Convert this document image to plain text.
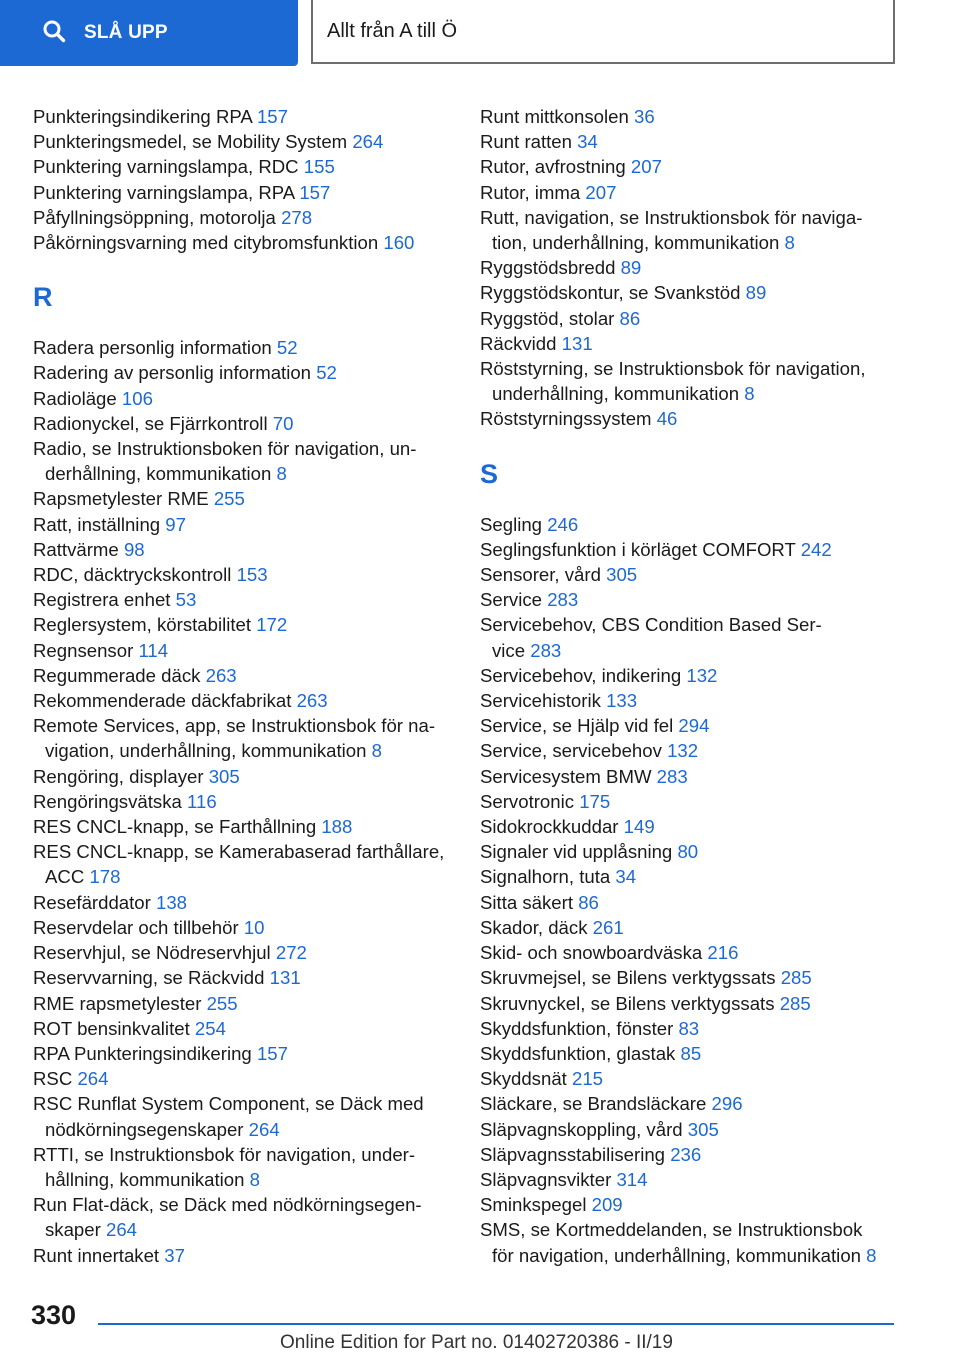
SLÅ UPP	Allt från A till Ö
Punkteringsindikering RPA 157
Punkteringsmedel, se Mobility System 264
Punktering varningslampa, RDC 155
Punktering varningslampa, RPA 157
Påfyllningsöppning, motorolja 278
Påkörningsvarning med citybromsfunktion 160
R
Radera personlig information 52
Radering av personlig information 52
Radioläge 106
Radionyckel, se Fjärrkontroll 70
Radio, se Instruktionsboken för navigation, un-
derhållning, kommunikation 8
Rapsmetylester RME 255
Ratt, inställning 97
Rattvärme 98
RDC, däcktryckskontroll 153
Registrera enhet 53
Reglersystem, körstabilitet 172
Regnsensor 114
Regummerade däck 263
Rekommenderade däckfabrikat 263
Remote Services, app, se Instruktionsbok för na-
vigation, underhållning, kommunikation 8
Rengöring, displayer 305
Rengöringsvätska 116
RES CNCL-knapp, se Farthållning 188
RES CNCL-knapp, se Kamerabaserad farthållare,
ACC 178
Resefärddator 138
Reservdelar och tillbehör 10
Reservhjul, se Nödreservhjul 272
Reservvarning, se Räckvidd 131
RME rapsmetylester 255
ROT bensinkvalitet 254
RPA Punkteringsindikering 157
RSC 264
RSC Runflat System Component, se Däck med
nödkörningsegenskaper 264
RTTI, se Instruktionsbok för navigation, under-
hållning, kommunikation 8
Run Flat-däck, se Däck med nödkörningsegen-
skaper 264
Runt innertaket 37
Runt mittkonsolen 36
Runt ratten 34
Rutor, avfrostning 207
Rutor, imma 207
Rutt, navigation, se Instruktionsbok för naviga-
tion, underhållning, kommunikation 8
Ryggstödsbredd 89
Ryggstödskontur, se Svankstöd 89
Ryggstöd, stolar 86
Räckvidd 131
Röststyrning, se Instruktionsbok för navigation,
underhållning, kommunikation 8
Röststyrningssystem 46
S
Segling 246
Seglingsfunktion i körläget COMFORT 242
Sensorer, vård 305
Service 283
Servicebehov, CBS Condition Based Ser-
vice 283
Servicebehov, indikering 132
Servicehistorik 133
Service, se Hjälp vid fel 294
Service, servicebehov 132
Servicesystem BMW 283
Servotronic 175
Sidokrockkuddar 149
Signaler vid upplåsning 80
Signalhorn, tuta 34
Sitta säkert 86
Skador, däck 261
Skid- och snowboardväska 216
Skruvmejsel, se Bilens verktygssats 285
Skruvnyckel, se Bilens verktygssats 285
Skyddsfunktion, fönster 83
Skyddsfunktion, glastak 85
Skyddsnät 215
Släckare, se Brandsläckare 296
Släpvagnskoppling, vård 305
Släpvagnsstabilisering 236
Släpvagnsvikter 314
Sminkspegel 209
SMS, se Kortmeddelanden, se Instruktionsbok
för navigation, underhållning, kommunikation 8
330
Online Edition for Part no. 01402720386 - II/19
